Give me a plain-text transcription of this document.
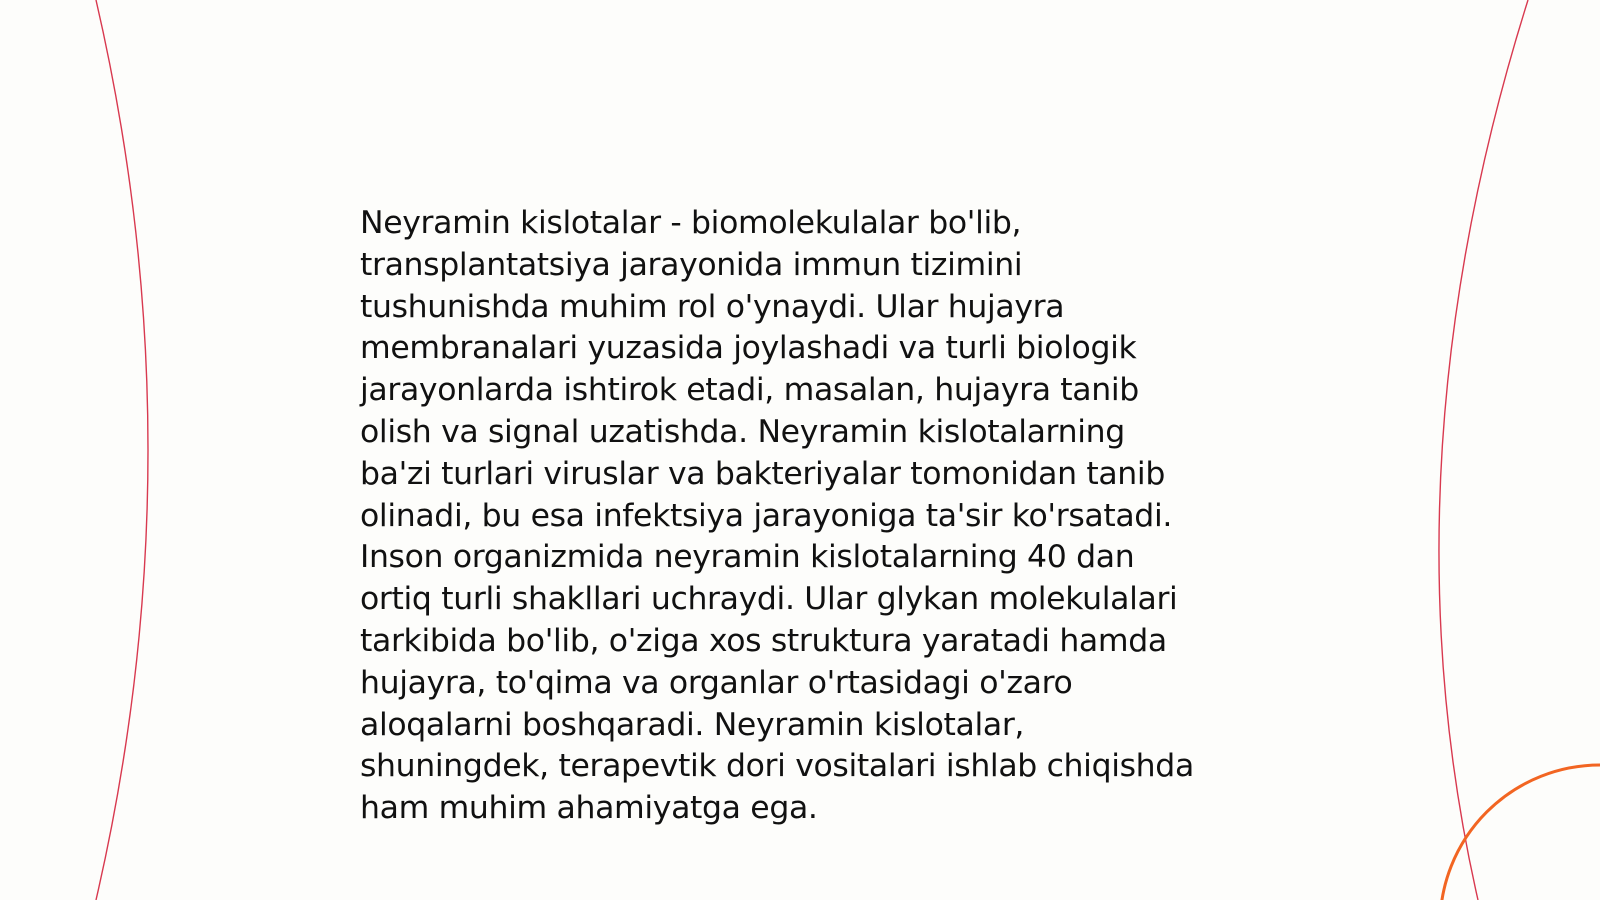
Neyramin kislotalar - biomolekulalar bo'lib,
transplantatsiya jarayonida immun tizimini
tushunishda muhim rol o'ynaydi. Ular hujayra
membranalari yuzasida joylashadi va turli biologik
jarayonlarda ishtirok etadi, masalan, hujayra tanib
olish va signal uzatishda. Neyramin kislotalarning
ba'zi turlari viruslar va bakteriyalar tomonidan tanib
olinadi, bu esa infektsiya jarayoniga ta'sir ko'rsatadi.
Inson organizmida neyramin kislotalarning 40 dan
ortiq turli shakllari uchraydi. Ular glykan molekulalari
tarkibida bo'lib, o'ziga xos struktura yaratadi hamda
hujayra, to'qima va organlar o'rtasidagi o'zaro
aloqalarni boshqaradi. Neyramin kislotalar,
shuningdek, terapevtik dori vositalari ishlab chiqishda
ham muhim ahamiyatga ega.
